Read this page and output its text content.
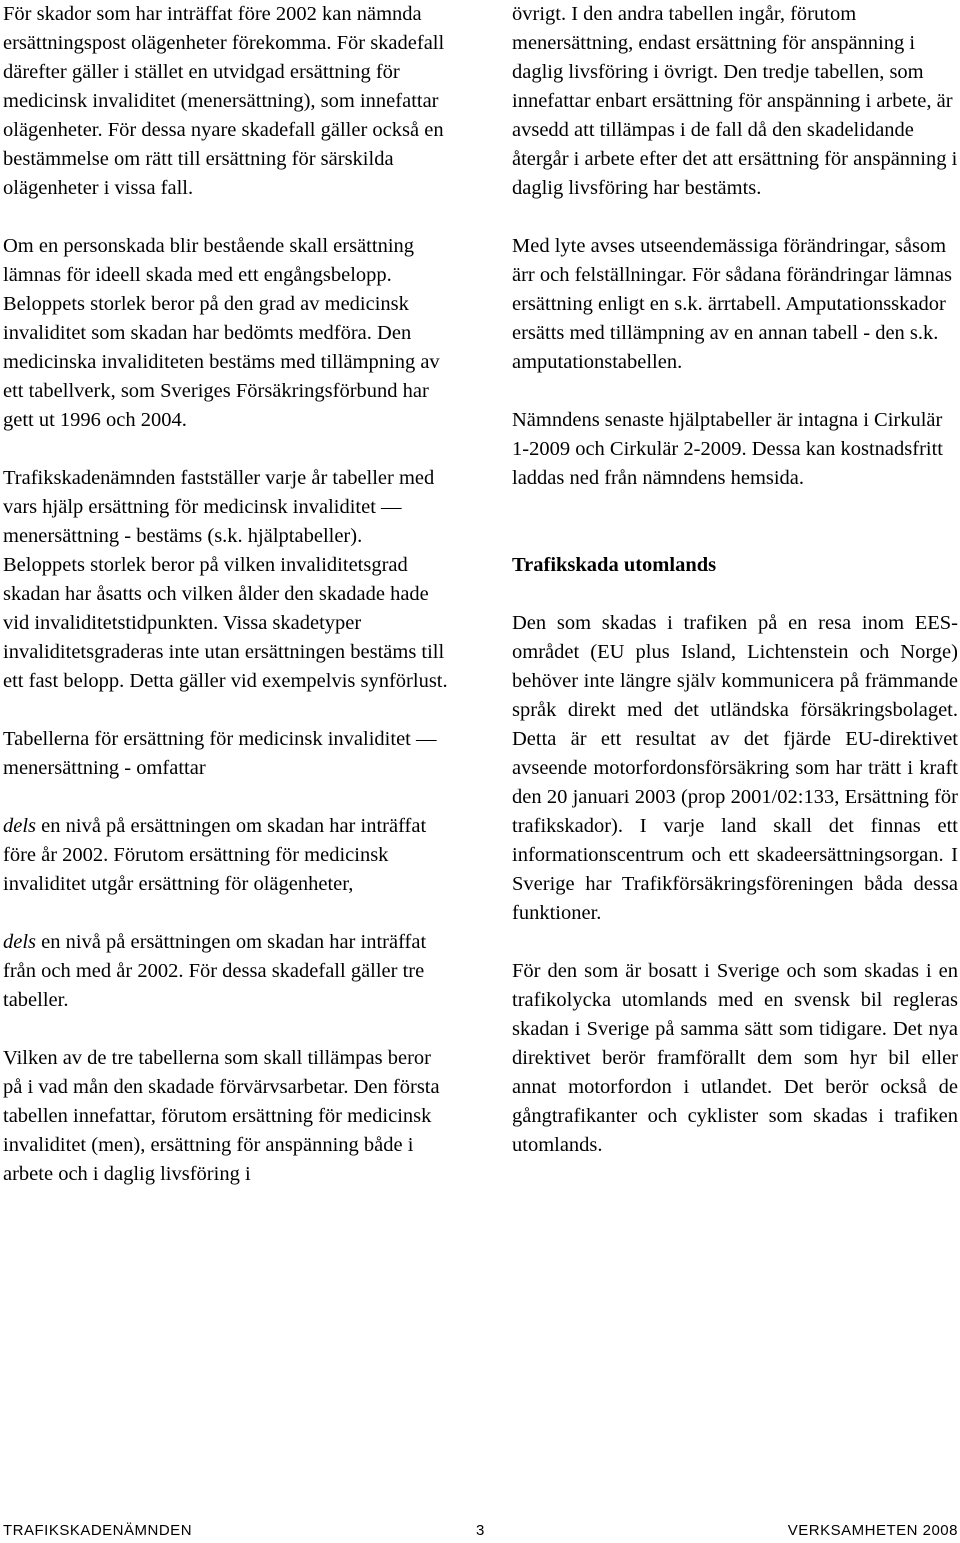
För skador som har inträffat före 2002 kan nämnda ersättningspost olägenheter förekomma. För skadefall därefter gäller i stället en utvidgad ersättning för medicinsk invaliditet (menersättning), som innefattar olägenheter. För dessa nyare skadefall gäller också en bestämmelse om rätt till ersättning för särskilda olägenheter i vissa fall.

Om en personskada blir bestående skall ersättning lämnas för ideell skada med ett engångsbelopp. Beloppets storlek beror på den grad av medicinsk invaliditet som skadan har bedömts medföra. Den medicinska invaliditeten bestäms med tillämpning av ett tabellverk, som Sveriges Försäkringsförbund har gett ut 1996 och 2004.

Trafikskadenämnden fastställer varje år tabeller med vars hjälp ersättning för medicinsk invaliditet — menersättning - bestäms (s.k. hjälptabeller). Beloppets storlek beror på vilken invaliditetsgrad skadan har åsatts och vilken ålder den skadade hade vid invaliditetstidpunkten. Vissa skadetyper invaliditetsgraderas inte utan ersättningen bestäms till ett fast belopp. Detta gäller vid exempelvis synförlust.

Tabellerna för ersättning för medicinsk invaliditet — menersättning - omfattar

dels en nivå på ersättningen om skadan har inträffat före år 2002. Förutom ersättning för medicinsk invaliditet utgår ersättning för olägenheter,

dels en nivå på ersättningen om skadan har inträffat från och med år 2002. För dessa skadefall gäller tre tabeller.

Vilken av de tre tabellerna som skall tillämpas beror på i vad mån den skadade förvärvsarbetar. Den första tabellen innefattar, förutom ersättning för medicinsk invaliditet (men), ersättning för anspänning både i arbete och i daglig livsföring i

övrigt. I den andra tabellen ingår, förutom menersättning, endast ersättning för anspänning i daglig livsföring i övrigt. Den tredje tabellen, som innefattar enbart ersättning för anspänning i arbete, är avsedd att tillämpas i de fall då den skadelidande återgår i arbete efter det att ersättning för anspänning i daglig livsföring har bestämts.

Med lyte avses utseendemässiga förändringar, såsom ärr och felställningar. För sådana förändringar lämnas ersättning enligt en s.k. ärrtabell. Amputationsskador ersätts med tillämpning av en annan tabell - den s.k. amputationstabellen.

Nämndens senaste hjälptabeller är intagna i Cirkulär 1-2009 och Cirkulär 2-2009. Dessa kan kostnadsfritt laddas ned från nämndens hemsida.

Trafikskada utomlands

Den som skadas i trafiken på en resa inom EES-området (EU plus Island, Lichtenstein och Norge) behöver inte längre själv kommunicera på främmande språk direkt med det utländska försäkringsbolaget. Detta är ett resultat av det fjärde EU-direktivet avseende motorfordonsförsäkring som har trätt i kraft den 20 januari 2003 (prop 2001/02:133, Ersättning för trafikskador). I varje land skall det finnas ett informationscentrum och ett skadeersättningsorgan. I Sverige har Trafikförsäkringsföreningen båda dessa funktioner.

För den som är bosatt i Sverige och som skadas i en trafikolycka utomlands med en svensk bil regleras skadan i Sverige på samma sätt som tidigare. Det nya direktivet berör framförallt dem som hyr bil eller annat motorfordon i utlandet. Det berör också de gångtrafikanter och cyklister som skadas i trafiken utomlands.

TRAFIKSKADENÄMNDEN	3	VERKSAMHETEN 2008
